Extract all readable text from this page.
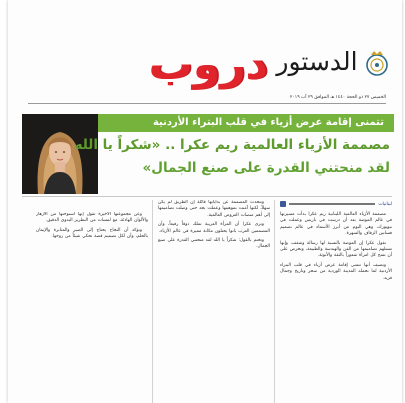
دروب الدستور
الخميس ٢٧ ذو الحجة ١٤٤٠ هـ الموافق ٢٩ آب ٢٠١٩
تتمنى إقامة عرض أزياء في قلب البتراء الأردنية
مصممة الأزياء العالمية ريم عكرا .. «شكراً يا الله
لقد منحتني القدرة على صنع الجمال»
لبنانيات

مصممة الأزياء العالمية اللبنانية ريم عكرا بدأت مسيرتها في عالم الموضة بعد أن درست في باريس وعملت في نيويورك، وهي اليوم من أبرز الأسماء في عالم تصميم فساتين الزفاف والسهرة.

تقول عكرا إن الموضة بالنسبة لها رسالة وشغف، وإنها تستلهم تصاميمها من الفن والهندسة والطبيعة، وتحرص على أن تمنح كل امرأة شعوراً بالثقة والأنوثة.

وتضيف أنها تتمنى إقامة عرض أزياء في قلب البتراء الأردنية لما تحمله المدينة الوردية من سحر وتاريخ وجمال فريد.

وتتحدث المصممة عن بداياتها قائلة إن الطريق لم يكن سهلاً، لكنها آمنت بموهبتها وعملت بجد حتى وصلت تصاميمها إلى أهم منصات العروض العالمية.

وترى عكرا أن المرأة العربية تملك ذوقاً رفيعاً، وأن المصممين العرب باتوا يحتلون مكانة مميزة في عالم الأزياء.

وتختم بالقول: شكراً يا الله لقد منحتني القدرة على صنع الجمال.

وعن مجموعتها الأخيرة تقول إنها استوحتها من الأزهار والألوان الهادئة، مع لمسات من التطريز اليدوي الدقيق.

وتؤكد أن النجاح يحتاج إلى الصبر والمثابرة والإيمان بالحلم، وأن لكل تصميم قصة تحكي شيئاً من روحها.
